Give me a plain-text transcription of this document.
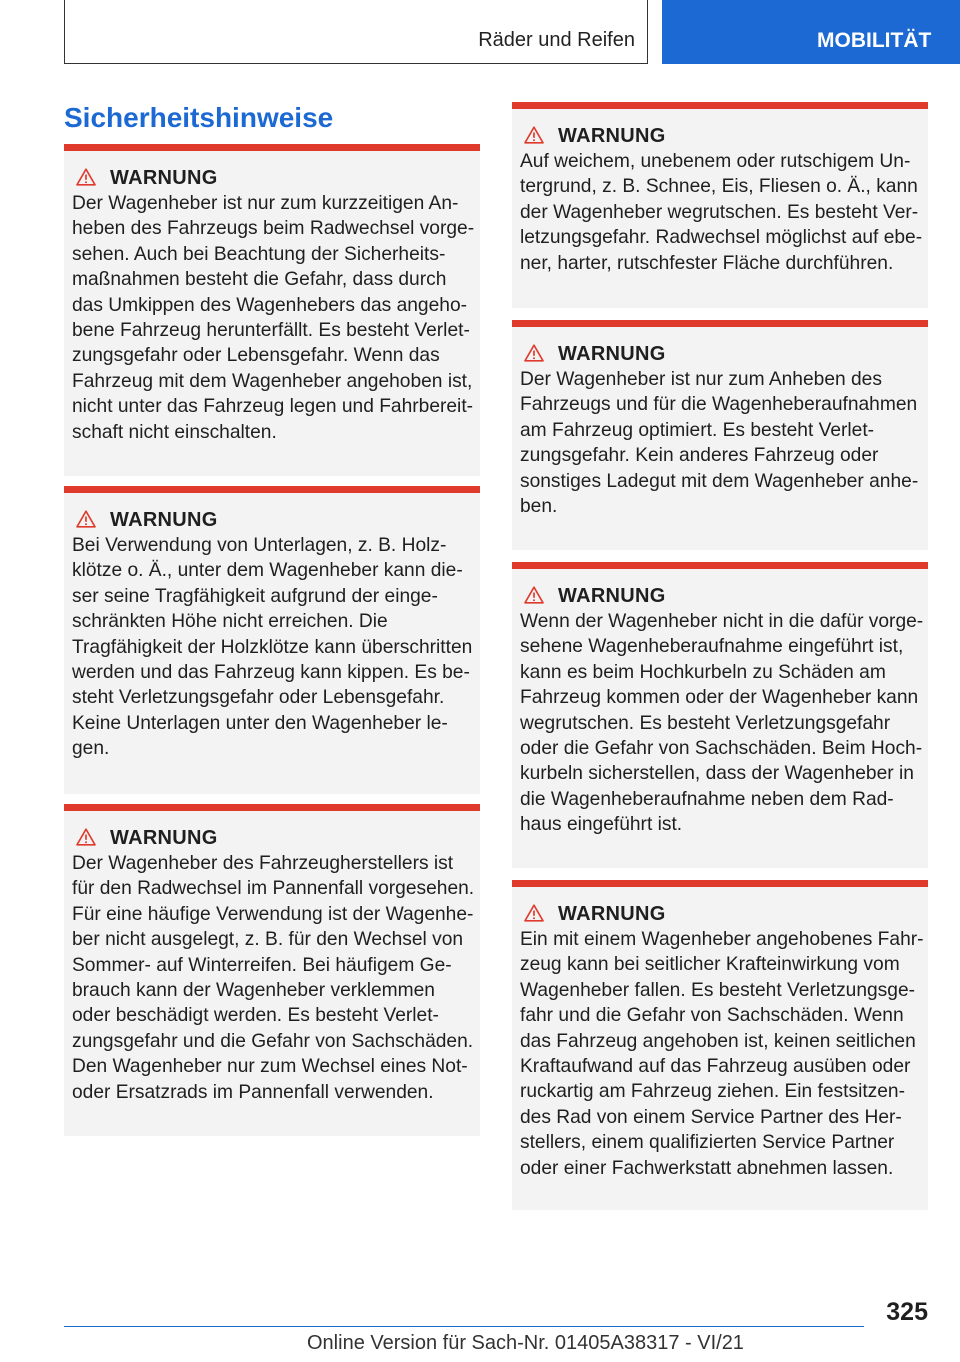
Räder und Reifen	MOBILITÄT
Sicherheitshinweise
WARNUNG

Der Wagenheber ist nur zum kurzzeitigen An-
heben des Fahrzeugs beim Radwechsel vorge-
sehen. Auch bei Beachtung der Sicherheits-
maßnahmen besteht die Gefahr, dass durch
das Umkippen des Wagenhebers das angeho-
bene Fahrzeug herunterfällt. Es besteht Verlet-
zungsgefahr oder Lebensgefahr. Wenn das
Fahrzeug mit dem Wagenheber angehoben ist,
nicht unter das Fahrzeug legen und Fahrbereit-
schaft nicht einschalten.

WARNUNG

Bei Verwendung von Unterlagen, z. B. Holz-
klötze o. Ä., unter dem Wagenheber kann die-
ser seine Tragfähigkeit aufgrund der einge-
schränkten Höhe nicht erreichen. Die
Tragfähigkeit der Holzklötze kann überschritten
werden und das Fahrzeug kann kippen. Es be-
steht Verletzungsgefahr oder Lebensgefahr.
Keine Unterlagen unter den Wagenheber le-
gen.

WARNUNG

Der Wagenheber des Fahrzeugherstellers ist
für den Radwechsel im Pannenfall vorgesehen.
Für eine häufige Verwendung ist der Wagenhe-
ber nicht ausgelegt, z. B. für den Wechsel von
Sommer- auf Winterreifen. Bei häufigem Ge-
brauch kann der Wagenheber verklemmen
oder beschädigt werden. Es besteht Verlet-
zungsgefahr und die Gefahr von Sachschäden.
Den Wagenheber nur zum Wechsel eines Not-
oder Ersatzrads im Pannenfall verwenden.

WARNUNG

Auf weichem, unebenem oder rutschigem Un-
tergrund, z. B. Schnee, Eis, Fliesen o. Ä., kann
der Wagenheber wegrutschen. Es besteht Ver-
letzungsgefahr. Radwechsel möglichst auf ebe-
ner, harter, rutschfester Fläche durchführen.

WARNUNG

Der Wagenheber ist nur zum Anheben des
Fahrzeugs und für die Wagenheberaufnahmen
am Fahrzeug optimiert. Es besteht Verlet-
zungsgefahr. Kein anderes Fahrzeug oder
sonstiges Ladegut mit dem Wagenheber anhe-
ben.

WARNUNG

Wenn der Wagenheber nicht in die dafür vorge-
sehene Wagenheberaufnahme eingeführt ist,
kann es beim Hochkurbeln zu Schäden am
Fahrzeug kommen oder der Wagenheber kann
wegrutschen. Es besteht Verletzungsgefahr
oder die Gefahr von Sachschäden. Beim Hoch-
kurbeln sicherstellen, dass der Wagenheber in
die Wagenheberaufnahme neben dem Rad-
haus eingeführt ist.

WARNUNG

Ein mit einem Wagenheber angehobenes Fahr-
zeug kann bei seitlicher Krafteinwirkung vom
Wagenheber fallen. Es besteht Verletzungsge-
fahr und die Gefahr von Sachschäden. Wenn
das Fahrzeug angehoben ist, keinen seitlichen
Kraftaufwand auf das Fahrzeug ausüben oder
ruckartig am Fahrzeug ziehen. Ein festsitzen-
des Rad von einem Service Partner des Her-
stellers, einem qualifizierten Service Partner
oder einer Fachwerkstatt abnehmen lassen.

325
Online Version für Sach-Nr. 01405A38317 - VI/21
